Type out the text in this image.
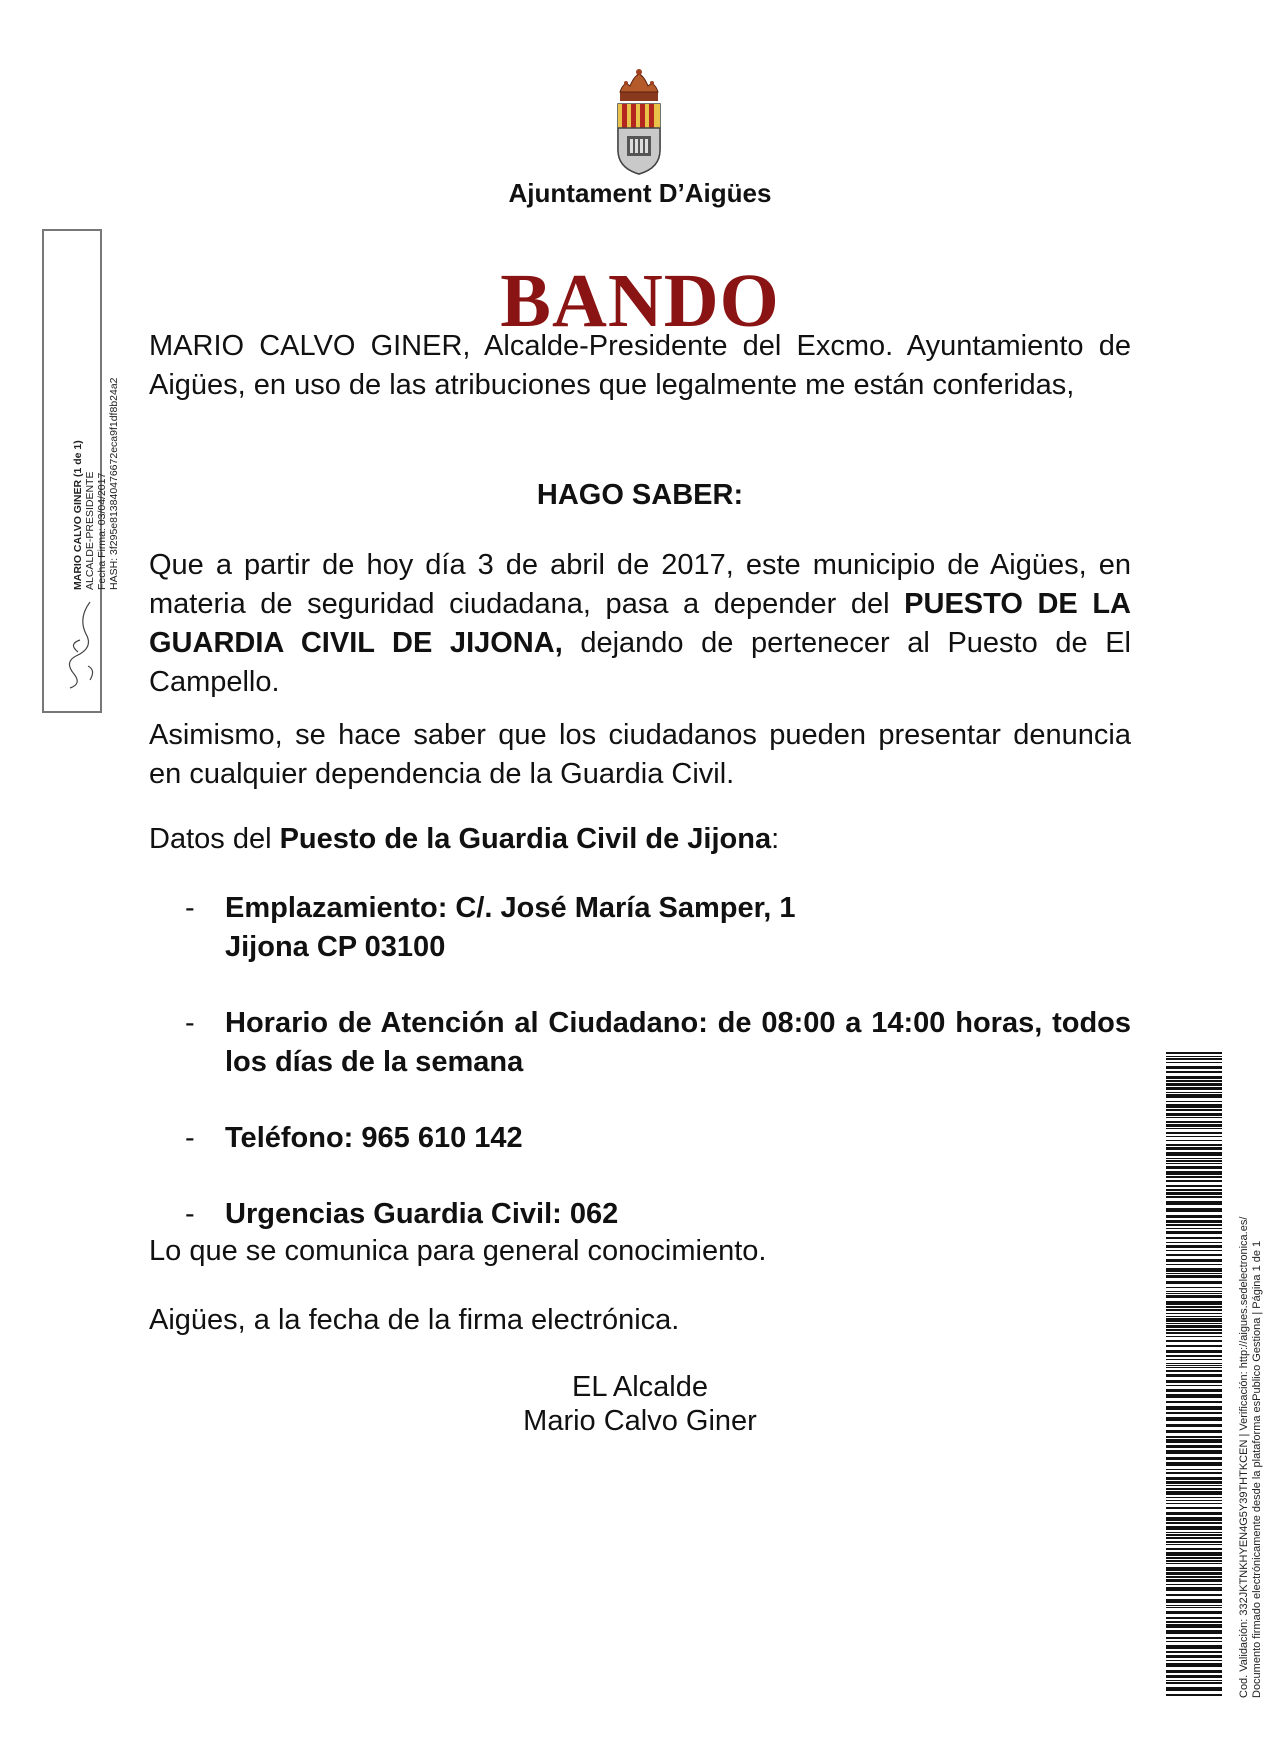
Ajuntament D’Aigües
BANDO
MARIO CALVO GINER, Alcalde-Presidente del Excmo. Ayuntamiento de Aigües, en uso de las atribuciones que legalmente me están conferidas,
HAGO SABER:
Que a partir de hoy día 3 de abril de 2017, este municipio de Aigües, en materia de seguridad ciudadana, pasa a depender del PUESTO DE LA GUARDIA CIVIL DE JIJONA, dejando de pertenecer al Puesto de El Campello.
Asimismo, se hace saber que los ciudadanos pueden presentar denuncia en cualquier dependencia de la Guardia Civil.
Datos del Puesto de la Guardia Civil de Jijona:
- Emplazamiento: C/. José María Samper, 1
Jijona CP 03100
- Horario de Atención al Ciudadano: de 08:00 a 14:00 horas, todos los días de la semana
- Teléfono: 965 610 142
- Urgencias Guardia Civil: 062
Lo que se comunica para general conocimiento.
Aigües, a la fecha de la firma electrónica.
EL Alcalde
Mario Calvo Giner
MARIO CALVO GINER (1 de 1) ALCALDE-PRESIDENTE Fecha Firma: 03/04/2017 HASH: 3f295e813840476672eca9f1df8b24a2
Cod. Validación: 332JKTNKHYEN4G5Y39THTKCEN | Verificación: http://aigues.sedelectronica.es/ Documento firmado electrónicamente desde la plataforma esPublico Gestiona | Página 1 de 1
